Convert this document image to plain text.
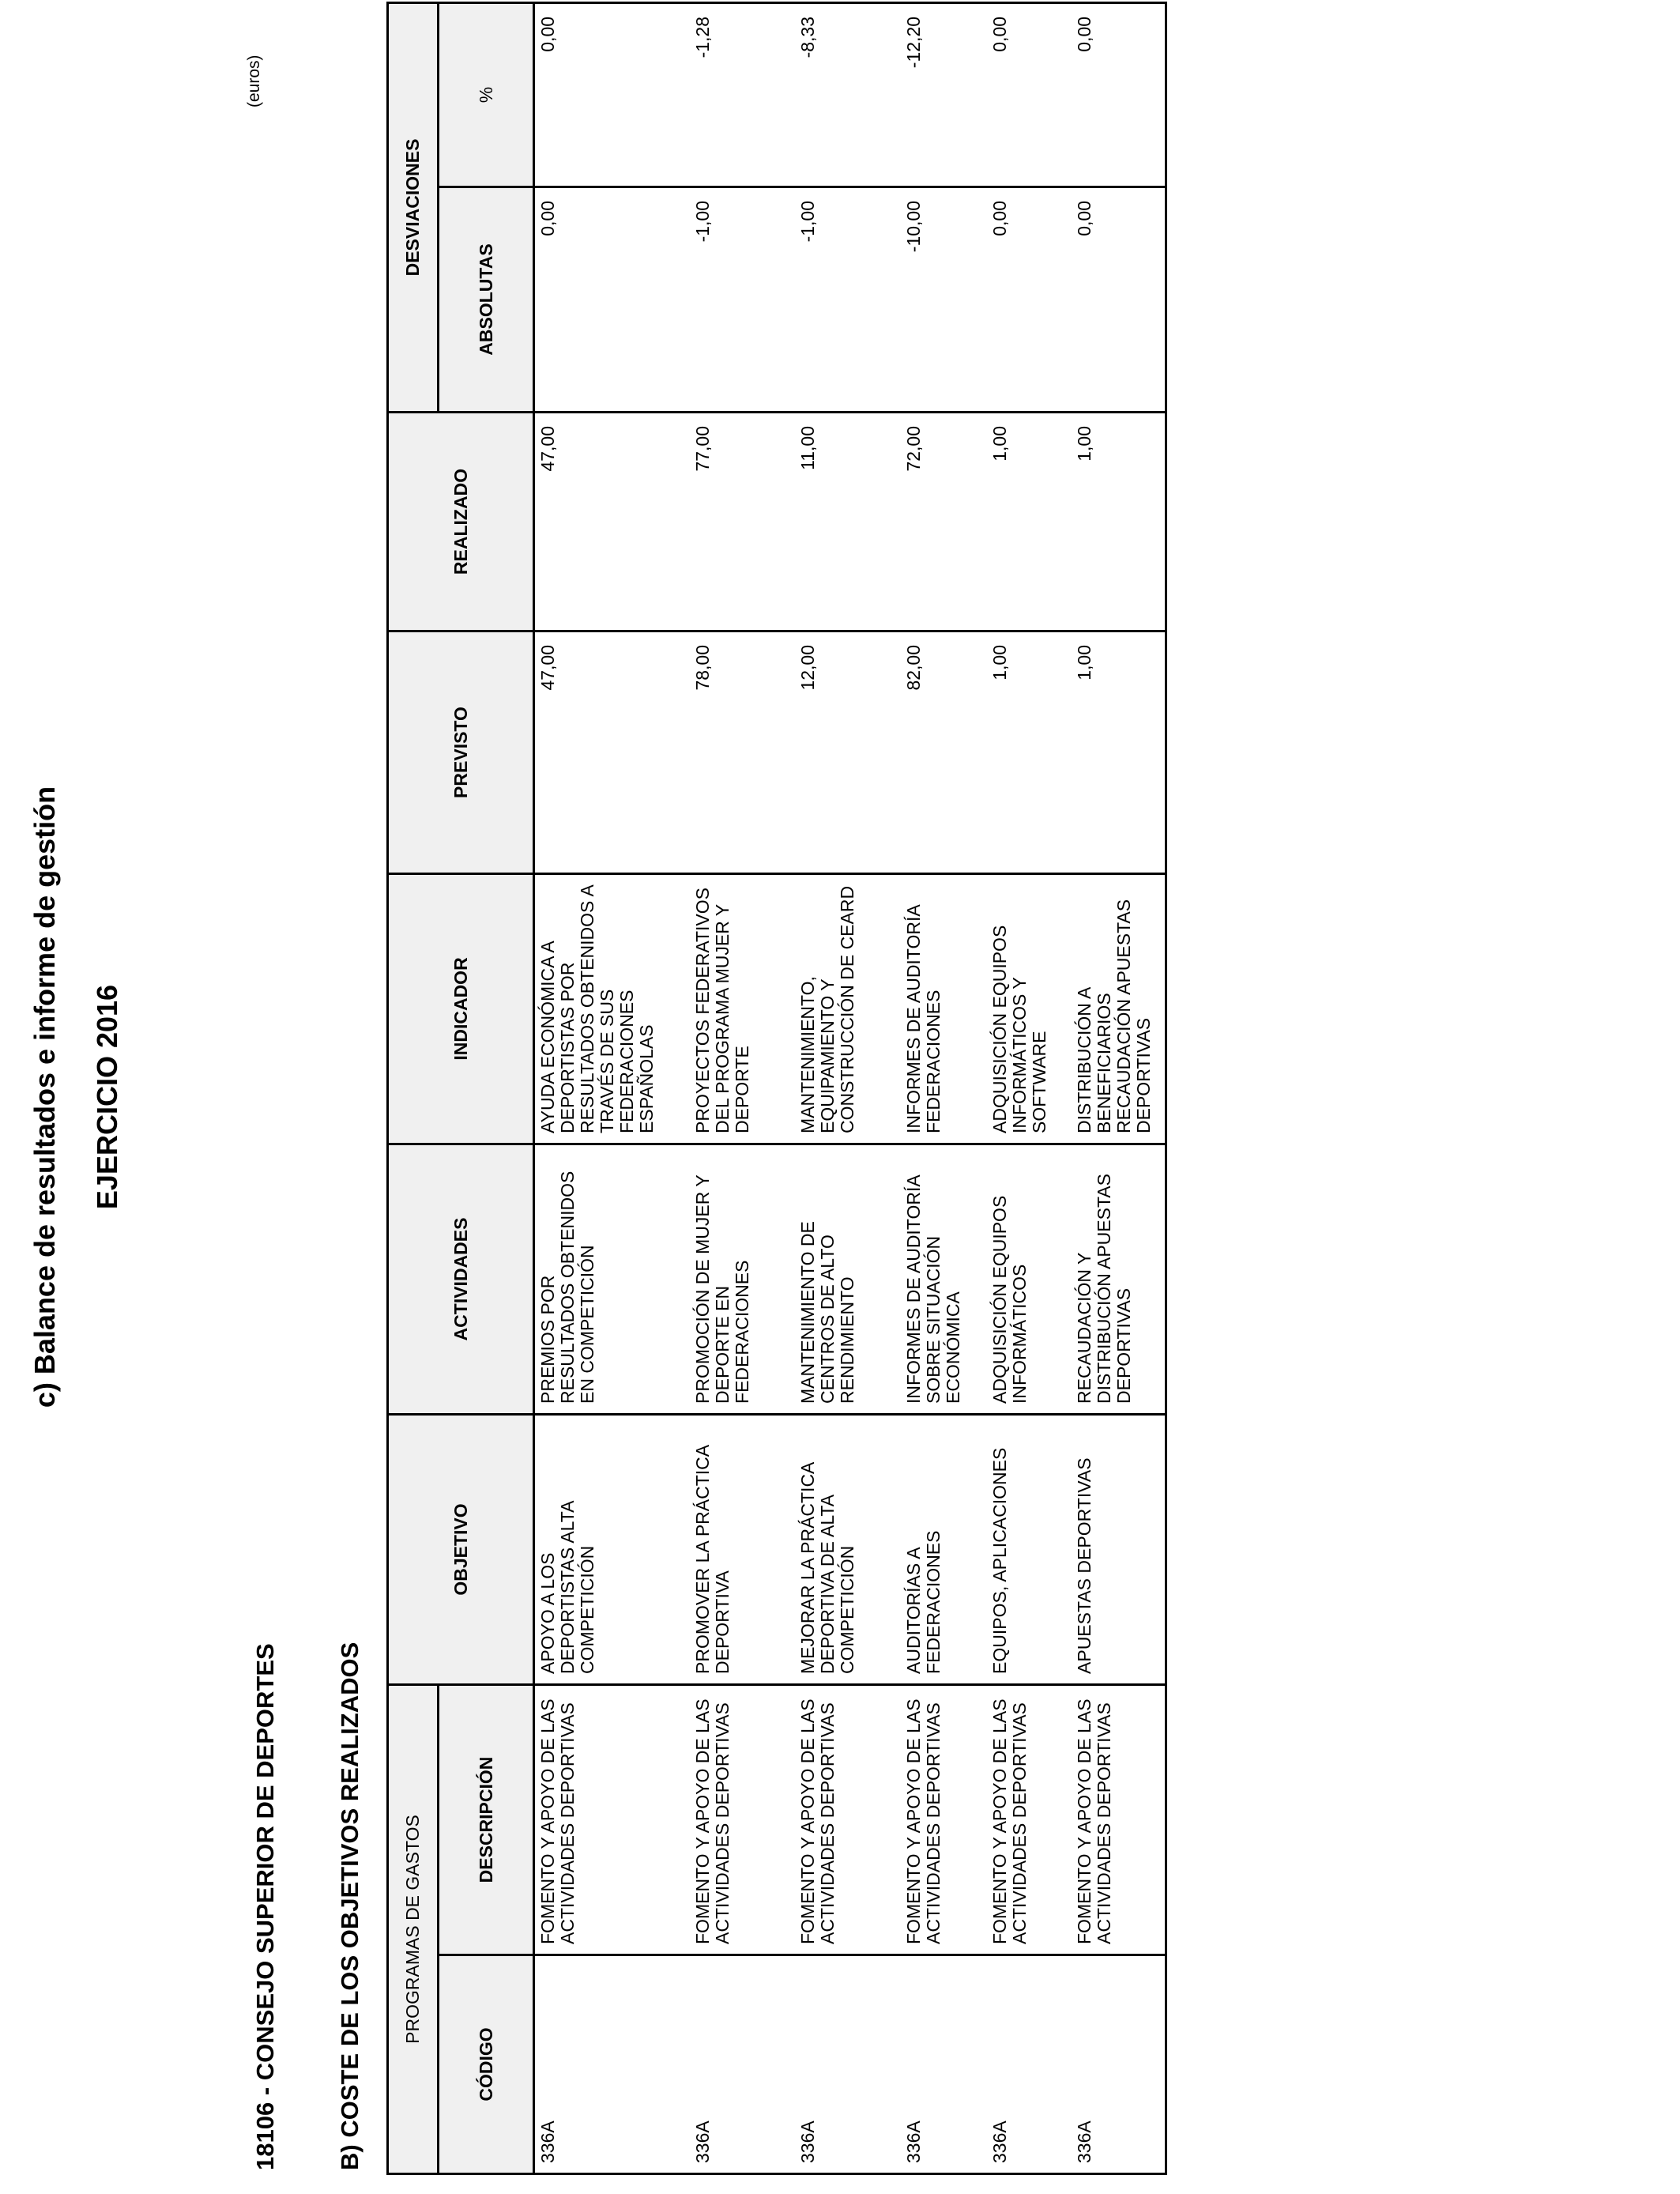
c) Balance de resultados e informe de gestión EJERCICIO 2016
18106 - CONSEJO SUPERIOR DE DEPORTES B) COSTE DE LOS OBJETIVOS REALIZADOS
(euros)
PROGRAMAS DE GASTOS		OBJETIVO	ACTIVIDADES	INDICADOR	PREVISTO	REALIZADO	DESVIACIONES	
CÓDIGO	DESCRIPCIÓN						ABSOLUTAS	%
336A	FOMENTO Y APOYO DE LAS ACTIVIDADES DEPORTIVAS	APOYO A LOS DEPORTISTAS ALTA COMPETICIÓN	PREMIOS POR RESULTADOS OBTENIDOS EN COMPETICIÓN	AYUDA ECONÓMICA A DEPORTISTAS POR RESULTADOS OBTENIDOS A TRAVÉS DE SUS FEDERACIONES ESPAÑOLAS	47,00	47,00	0,00	0,00
336A	FOMENTO Y APOYO DE LAS ACTIVIDADES DEPORTIVAS	PROMOVER LA PRÁCTICA DEPORTIVA	PROMOCIÓN DE MUJER Y DEPORTE EN FEDERACIONES	PROYECTOS FEDERATIVOS DEL PROGRAMA MUJER Y DEPORTE	78,00	77,00	-1,00	-1,28
336A	FOMENTO Y APOYO DE LAS ACTIVIDADES DEPORTIVAS	MEJORAR LA PRÁCTICA DEPORTIVA DE ALTA COMPETICIÓN	MANTENIMIENTO DE CENTROS DE ALTO RENDIMIENTO	MANTENIMIENTO, EQUIPAMIENTO Y CONSTRUCCIÓN DE CEARD	12,00	11,00	-1,00	-8,33
336A	FOMENTO Y APOYO DE LAS ACTIVIDADES DEPORTIVAS	AUDITORÍAS A FEDERACIONES	INFORMES DE AUDITORÍA SOBRE SITUACIÓN ECONÓMICA	INFORMES DE AUDITORÍA FEDERACIONES	82,00	72,00	-10,00	-12,20
336A	FOMENTO Y APOYO DE LAS ACTIVIDADES DEPORTIVAS	EQUIPOS, APLICACIONES	ADQUISICIÓN EQUIPOS INFORMÁTICOS	ADQUISICIÓN EQUIPOS INFORMÁTICOS Y SOFTWARE	1,00	1,00	0,00	0,00
336A	FOMENTO Y APOYO DE LAS ACTIVIDADES DEPORTIVAS	APUESTAS DEPORTIVAS	RECAUDACIÓN Y DISTRIBUCIÓN APUESTAS DEPORTIVAS	DISTRIBUCIÓN A BENEFICIARIOS RECAUDACIÓN APUESTAS DEPORTIVAS	1,00	1,00	0,00	0,00
